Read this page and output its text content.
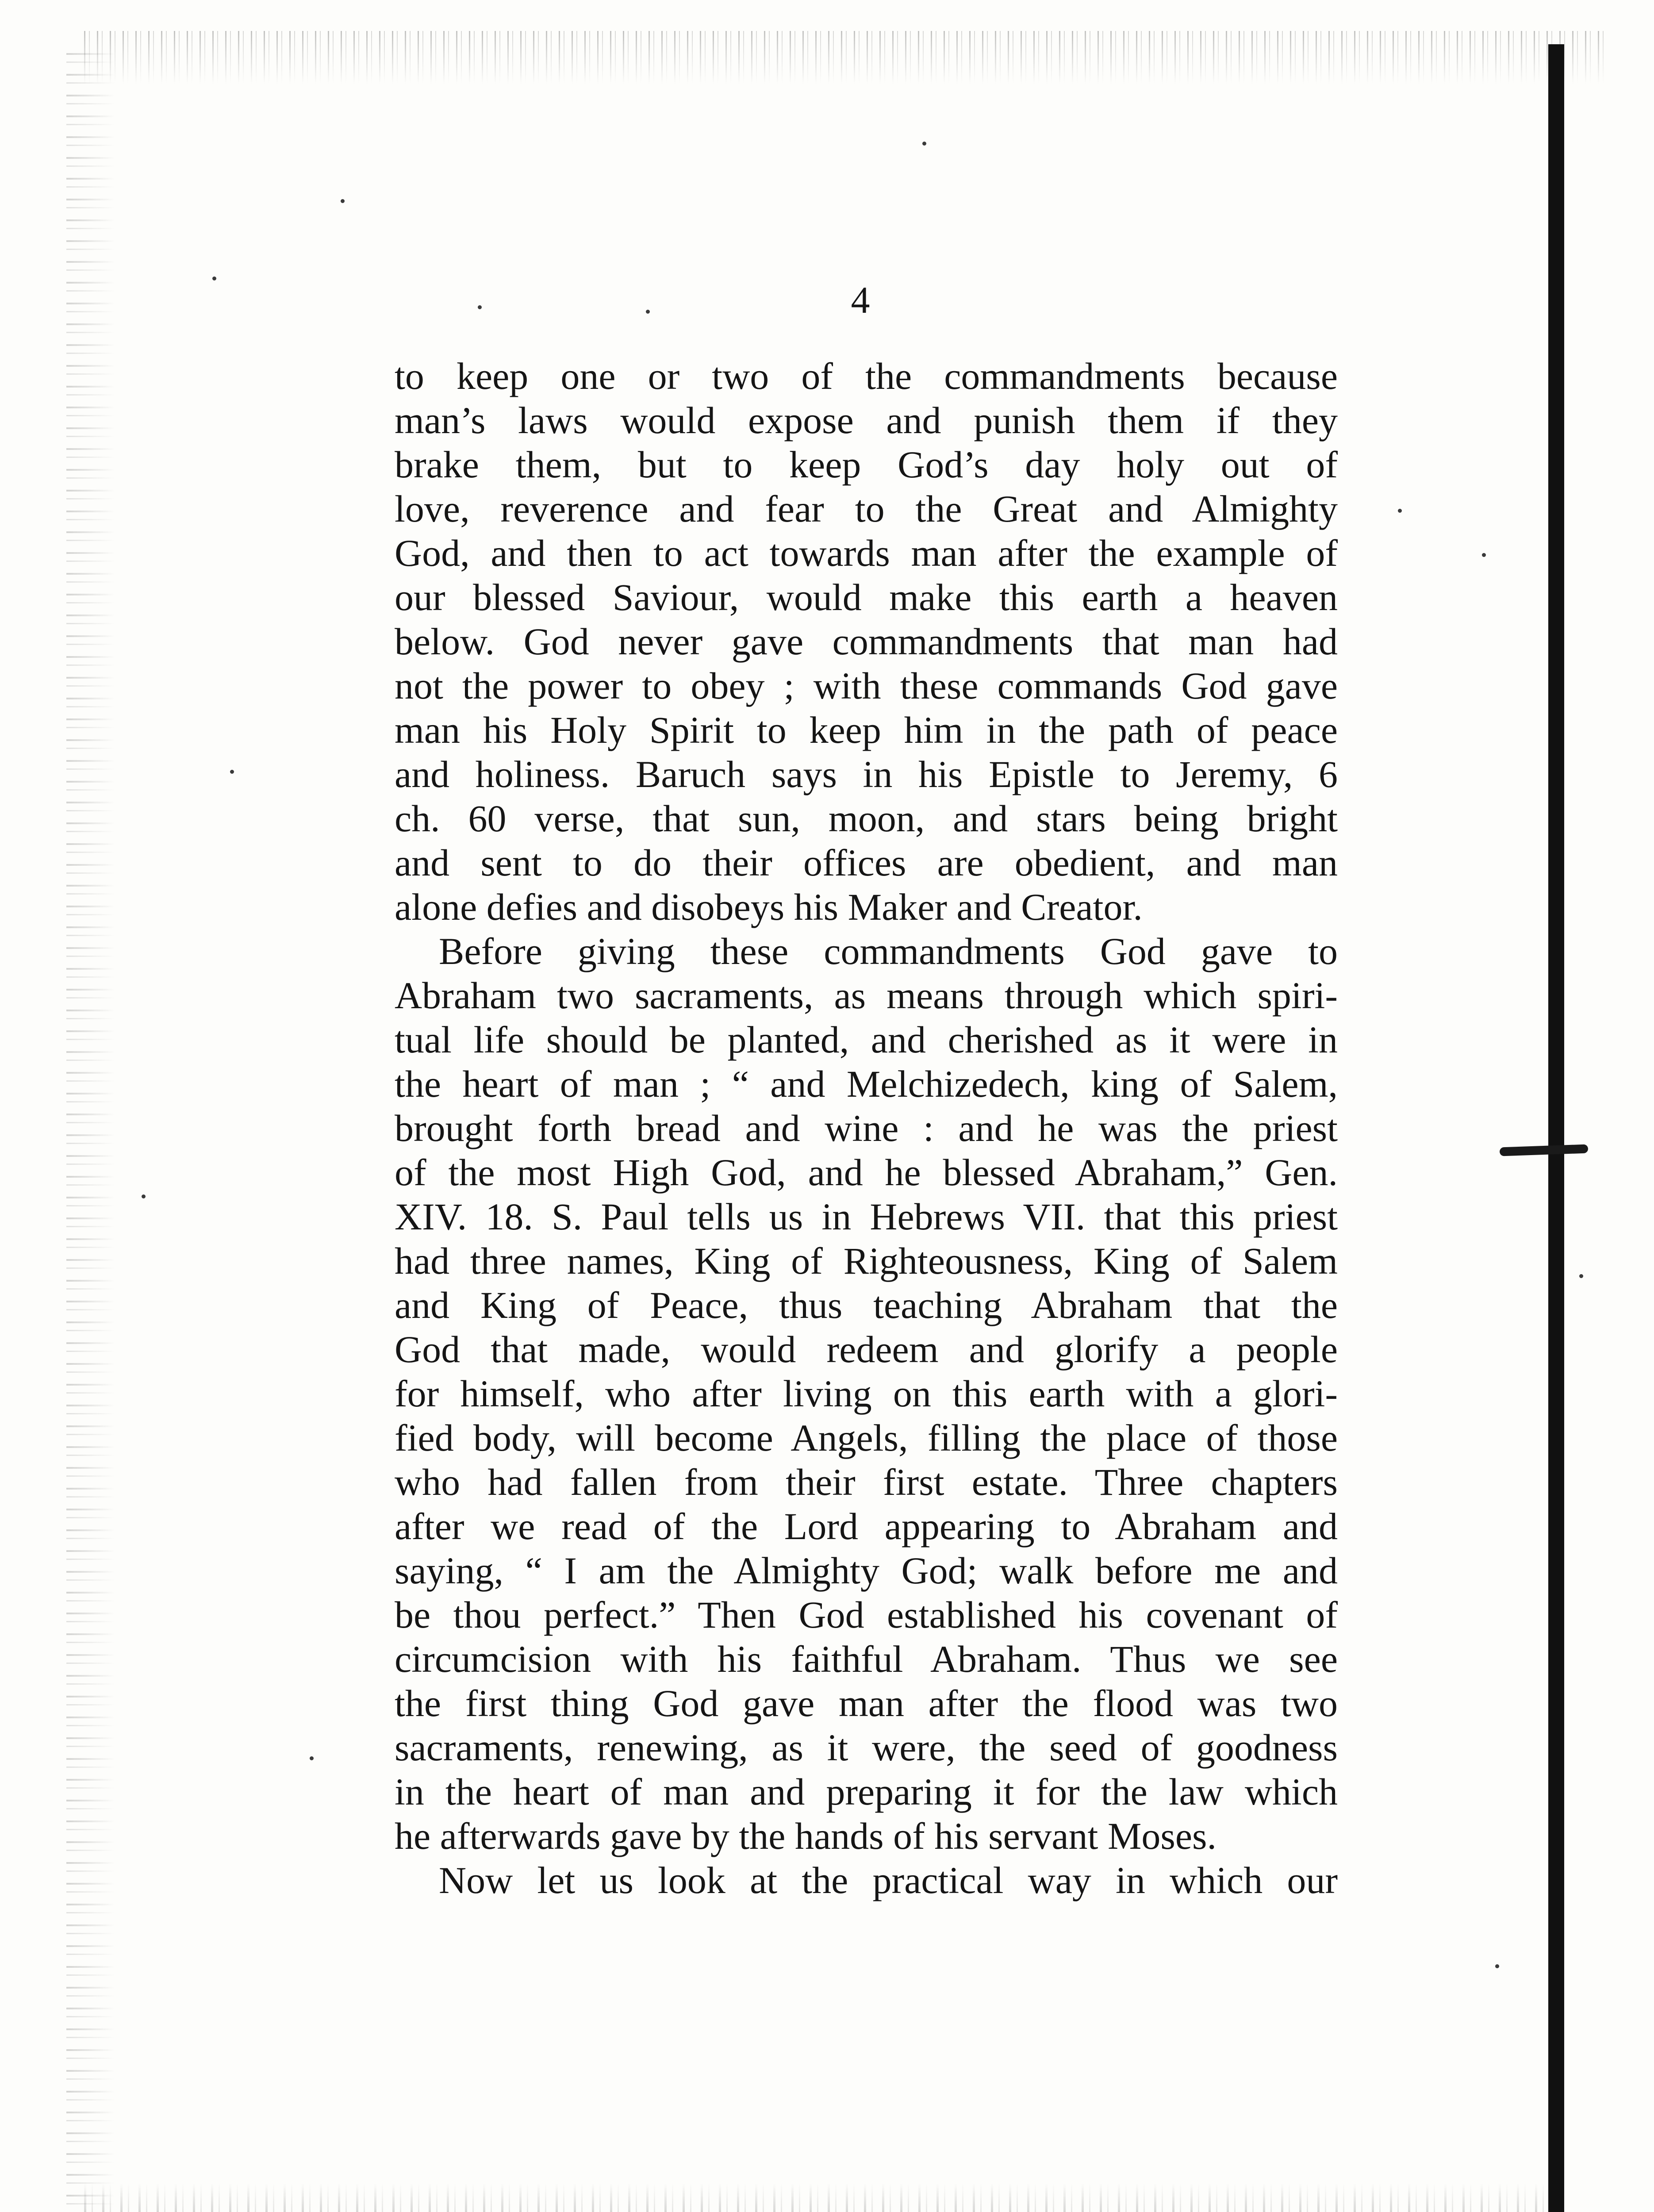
4
to keep one or two of the commandments because
man’s laws would expose and punish them if they
brake them, but to keep God’s day holy out of
love, reverence and fear to the Great and Almighty
God, and then to act towards man after the example of
our blessed Saviour, would make this earth a heaven
below. God never gave commandments that man had
not the power to obey ; with these commands God gave
man his Holy Spirit to keep him in the path of peace
and holiness. Baruch says in his Epistle to Jeremy, 6
ch. 60 verse, that sun, moon, and stars being bright
and sent to do their offices are obedient, and man
alone defies and disobeys his Maker and Creator.
Before giving these commandments God gave to
Abraham two sacraments, as means through which spiri-
tual life should be planted, and cherished as it were in
the heart of man ; “ and Melchizedech, king of Salem,
brought forth bread and wine : and he was the priest
of the most High God, and he blessed Abraham,” Gen.
XIV. 18. S. Paul tells us in Hebrews VII. that this priest
had three names, King of Righteousness, King of Salem
and King of Peace, thus teaching Abraham that the
God that made, would redeem and glorify a people
for himself, who after living on this earth with a glori-
fied body, will become Angels, filling the place of those
who had fallen from their first estate. Three chapters
after we read of the Lord appearing to Abraham and
saying, “ I am the Almighty God; walk before me and
be thou perfect.” Then God established his covenant of
circumcision with his faithful Abraham. Thus we see
the first thing God gave man after the flood was two
sacraments, renewing, as it were, the seed of goodness
in the heart of man and preparing it for the law which
he afterwards gave by the hands of his servant Moses.
Now let us look at the practical way in which our
